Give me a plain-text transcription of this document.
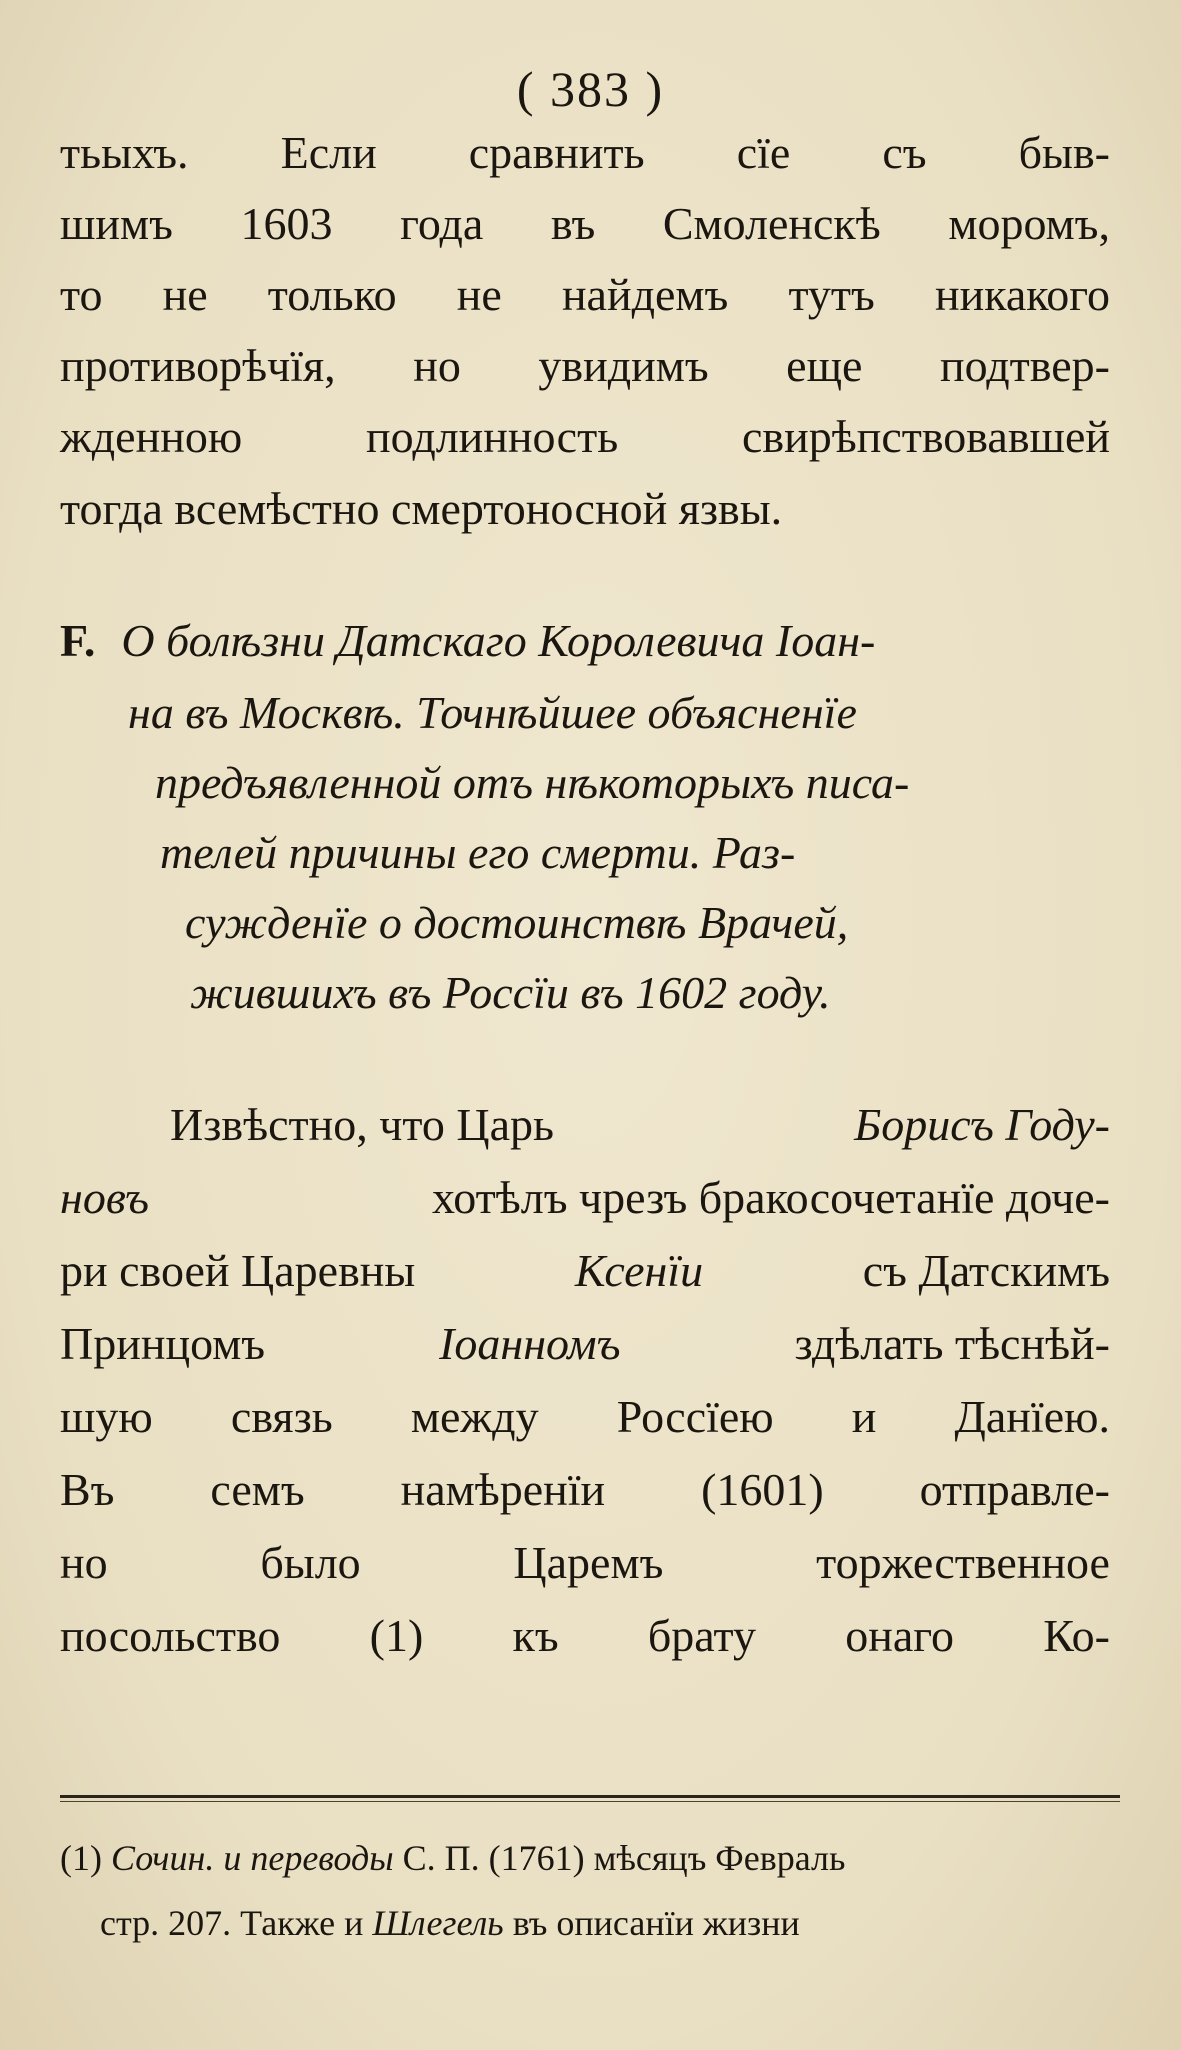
( 383 )
тьыхъ. Если сравнить сїе съ быв-
шимъ 1603 года въ Смоленскѣ моромъ,
то не только не найдемъ тутъ никакого
противорѣчїя, но увидимъ еще подтвер-
жденною	подлинность	свирѣпствовавшей
тогда всемѣстно смертоносной язвы.
F. О болѣзни Датскаго Королевича Іоан-
на въ Москвѣ. Точнѣйшее объясненїе
предъявленной отъ нѣкоторыхъ писа-
телей причины его смерти. Раз-
сужденїе о достоинствѣ Врачей,
жившихъ въ Россїи въ 1602 году.
Извѣстно, что Царь	Борисъ Году-
новъ	хотѣлъ чрезъ бракосочетанїе доче-
ри своей Царевны	Ксенїи	съ Датскимъ
Принцомъ	Іоанномъ	здѣлать тѣснѣй-
шую связь между Россїею и Данїею.
Въ семъ намѣренїи (1601) отправле-
но	было	Царемъ	торжественное
посольство (1) къ брату онаго Ко-
(1) Сочин. и переводы С. П. (1761) мѣсяцъ Февраль
стр. 207. Также и Шлегель въ описанїи жизни
